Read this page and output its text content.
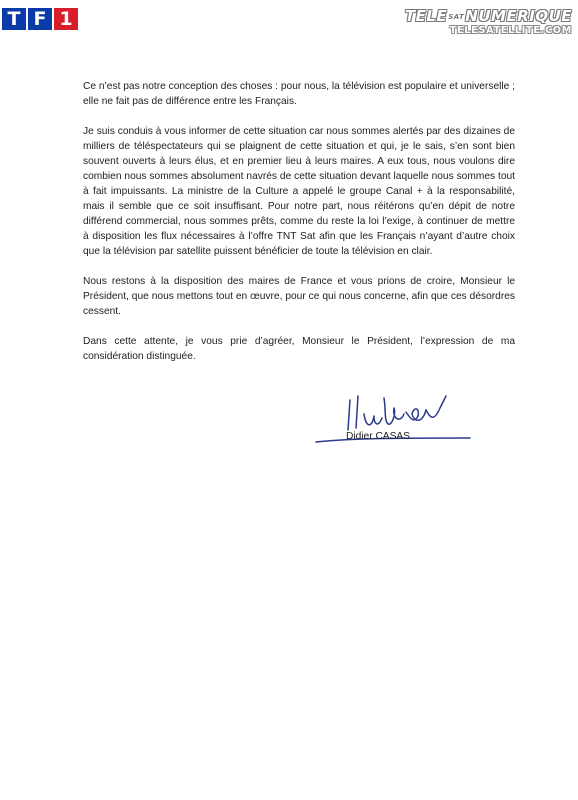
T F 1	TELESATNUMERIQUE
TELESATELLITE.COM

Ce n’est pas notre conception des choses : pour nous, la télévision est populaire et universelle ; elle ne fait pas de différence entre les Français.

Je suis conduis à vous informer de cette situation car nous sommes alertés par des dizaines de milliers de téléspectateurs qui se plaignent de cette situation et qui, je le sais, s’en sont bien souvent ouverts à leurs élus, et en premier lieu à leurs maires. A eux tous, nous voulons dire combien nous sommes absolument navrés de cette situation devant laquelle nous sommes tout à fait impuissants. La ministre de la Culture a appelé le groupe Canal + à la responsabilité, mais il semble que ce soit insuffisant. Pour notre part, nous réitérons qu’en dépit de notre différend commercial, nous sommes prêts, comme du reste la loi l’exige, à continuer de mettre à disposition les flux nécessaires à l’offre TNT Sat afin que les Français n’ayant d’autre choix que la télévision par satellite puissent bénéficier de toute la télévision en clair.

Nous restons à la disposition des maires de France et vous prions de croire, Monsieur le Président, que nous mettons tout en œuvre, pour ce qui nous concerne, afin que ces désordres cessent.

Dans cette attente, je vous prie d’agréer, Monsieur le Président, l’expression de ma considération distinguée.

Didier CASAS
